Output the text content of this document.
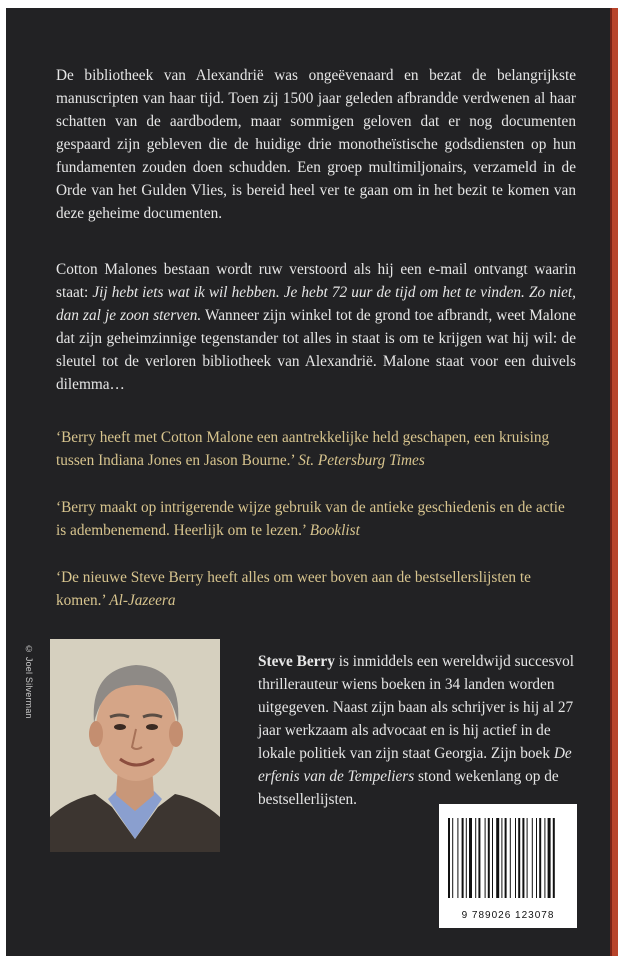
De bibliotheek van Alexandrië was ongeëvenaard en bezat de belangrijkste manuscripten van haar tijd. Toen zij 1500 jaar geleden afbrandde verdwenen al haar schatten van de aardbodem, maar sommigen geloven dat er nog documenten gespaard zijn gebleven die de huidige drie monotheïstische godsdiensten op hun fundamenten zouden doen schudden. Een groep multimiljonairs, verzameld in de Orde van het Gulden Vlies, is bereid heel ver te gaan om in het bezit te komen van deze geheime documenten.

Cotton Malones bestaan wordt ruw verstoord als hij een e-mail ontvangt waarin staat: Jij hebt iets wat ik wil hebben. Je hebt 72 uur de tijd om het te vinden. Zo niet, dan zal je zoon sterven. Wanneer zijn winkel tot de grond toe afbrandt, weet Malone dat zijn geheimzinnige tegenstander tot alles in staat is om te krijgen wat hij wil: de sleutel tot de verloren bibliotheek van Alexandrië. Malone staat voor een duivels dilemma…

‘Berry heeft met Cotton Malone een aantrekkelijke held geschapen, een kruising tussen Indiana Jones en Jason Bourne.’ St. Petersburg Times

‘Berry maakt op intrigerende wijze gebruik van de antieke geschiedenis en de actie is adembenemend. Heerlijk om te lezen.’ Booklist

‘De nieuwe Steve Berry heeft alles om weer boven aan de bestsellerslijsten te komen.’ Al-Jazeera

© Joel Silverman	Steve Berry is inmiddels een wereldwijd succesvol thrillerauteur wiens boeken in 34 landen worden uitgegeven. Naast zijn baan als schrijver is hij al 27 jaar werkzaam als advocaat en is hij actief in de lokale politiek van zijn staat Georgia. Zijn boek De erfenis van de Tempeliers stond wekenlang op de bestsellerlijsten.

9 789026 123078
